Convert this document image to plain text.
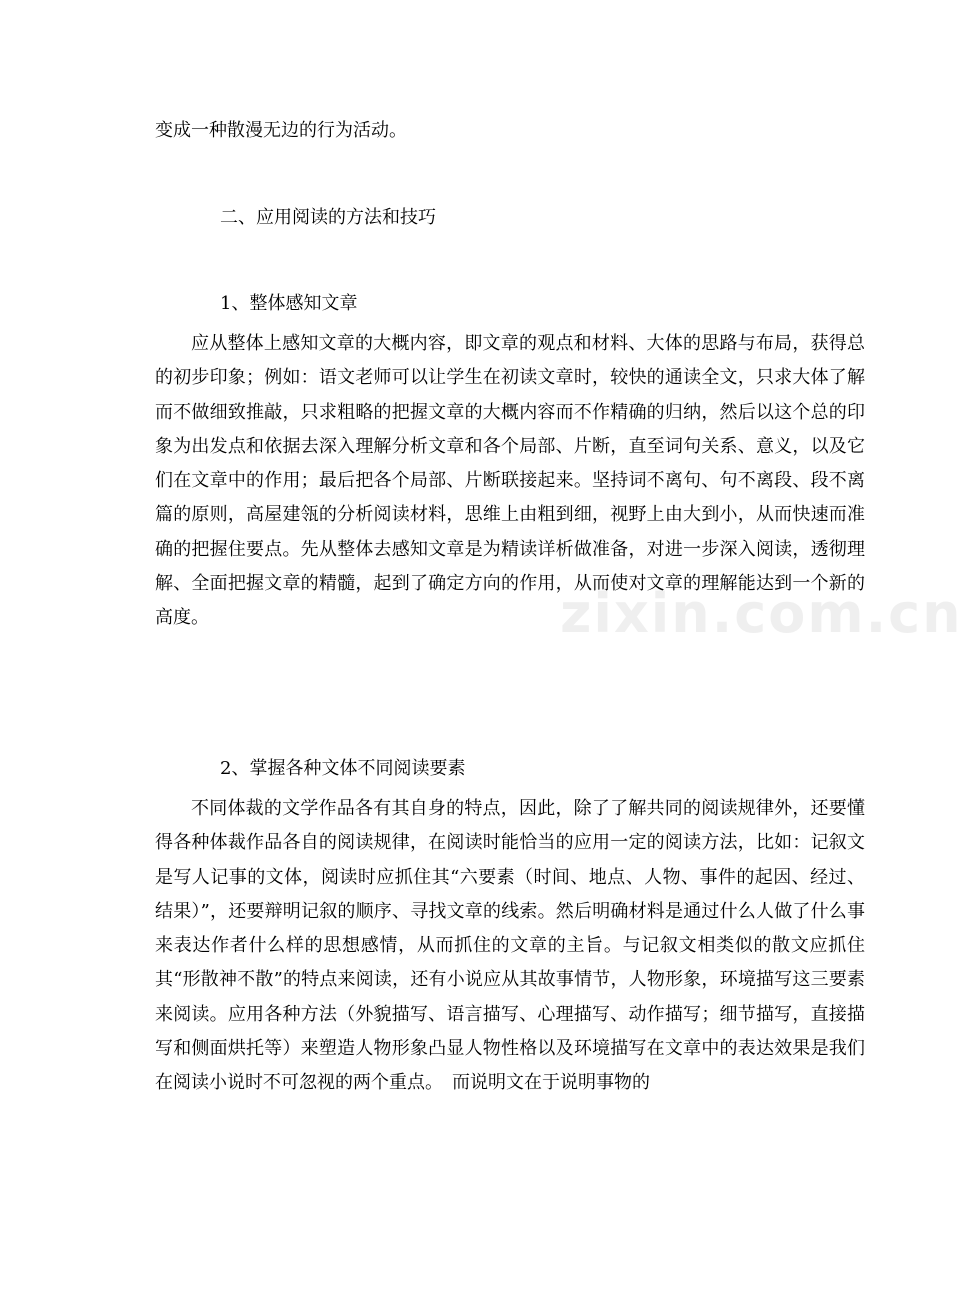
变成一种散漫无边的行为活动。
二、应用阅读的方法和技巧
1、整体感知文章

应从整体上感知文章的大概内容，即文章的观点和材料、大体的思路与布局，获得总的初步印象；例如：语文老师可以让学生在初读文章时，较快的通读全文，只求大体了解而不做细致推敲，只求粗略的把握文章的大概内容而不作精确的归纳，然后以这个总的印象为出发点和依据去深入理解分析文章和各个局部、片断，直至词句关系、意义，以及它们在文章中的作用；最后把各个局部、片断联接起来。坚持词不离句、句不离段、段不离篇的原则，高屋建瓴的分析阅读材料，思维上由粗到细，视野上由大到小，从而快速而准确的把握住要点。先从整体去感知文章是为精读详析做准备，对进一步深入阅读，透彻理解、全面把握文章的精髓，起到了确定方向的作用，从而使对文章的理解能达到一个新的高度。

2、掌握各种文体不同阅读要素

不同体裁的文学作品各有其自身的特点，因此，除了了解共同的阅读规律外，还要懂得各种体裁作品各自的阅读规律，在阅读时能恰当的应用一定的阅读方法，比如：记叙文是写人记事的文体，阅读时应抓住其“六要素（时间、地点、人物、事件的起因、经过、结果）”，还要辩明记叙的顺序、寻找文章的线索。然后明确材料是通过什么人做了什么事来表达作者什么样的思想感情，从而抓住的文章的主旨。与记叙文相类似的散文应抓住其“形散神不散”的特点来阅读，还有小说应从其故事情节，人物形象，环境描写这三要素来阅读。应用各种方法（外貌描写、语言描写、心理描写、动作描写；细节描写，直接描写和侧面烘托等）来塑造人物形象凸显人物性格以及环境描写在文章中的表达效果是我们在阅读小说时不可忽视的两个重点。　而说明文在于说明事物的

zixin.com.cn
